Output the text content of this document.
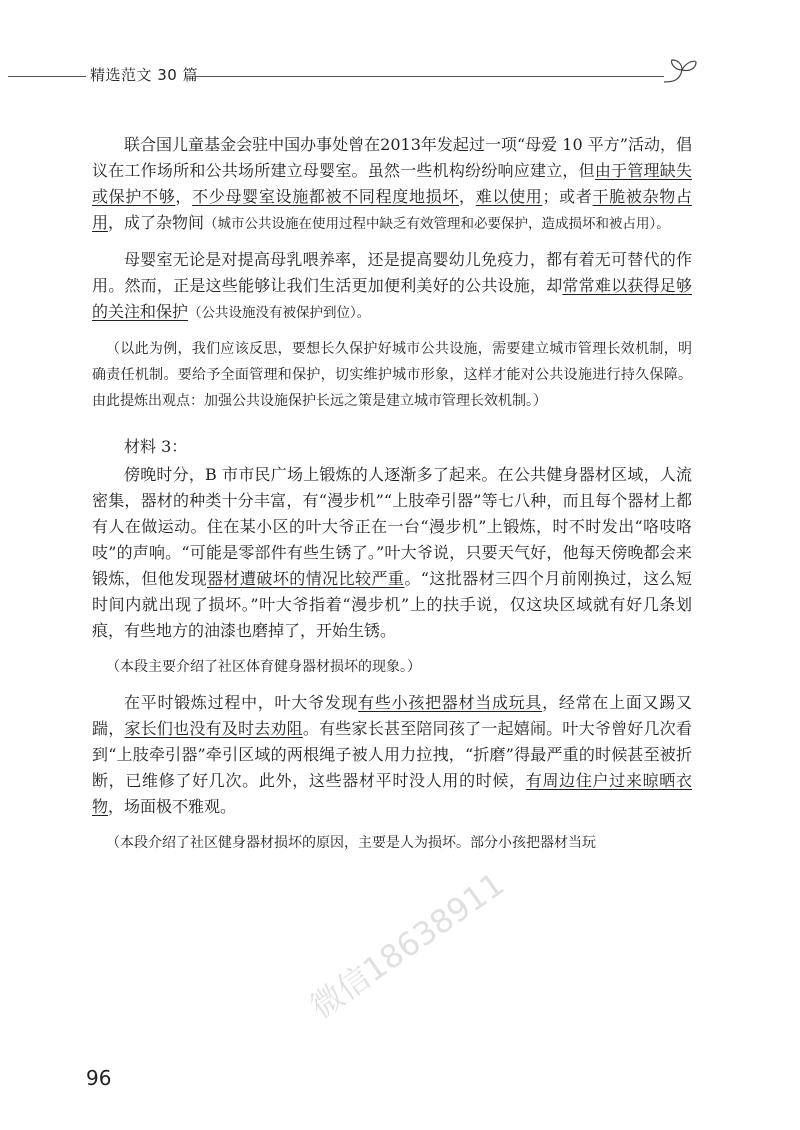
精选范文 30 篇

联合国儿童基金会驻中国办事处曾在2013年发起过一项“母爱 10 平方”活动，倡议在工作场所和公共场所建立母婴室。虽然一些机构纷纷响应建立，但由于管理缺失或保护不够，不少母婴室设施都被不同程度地损坏，难以使用；或者干脆被杂物占用，成了杂物间（城市公共设施在使用过程中缺乏有效管理和必要保护，造成损坏和被占用）。

母婴室无论是对提高母乳喂养率，还是提高婴幼儿免疫力，都有着无可替代的作用。然而，正是这些能够让我们生活更加便利美好的公共设施，却常常难以获得足够的关注和保护（公共设施没有被保护到位）。

（以此为例，我们应该反思，要想长久保护好城市公共设施，需要建立城市管理长效机制，明确责任机制。要给予全面管理和保护，切实维护城市形象，这样才能对公共设施进行持久保障。由此提炼出观点：加强公共设施保护长远之策是建立城市管理长效机制。）

材料 3：

傍晚时分，B 市市民广场上锻炼的人逐渐多了起来。在公共健身器材区域，人流密集，器材的种类十分丰富，有“漫步机”“上肢牵引器”等七八种，而且每个器材上都有人在做运动。住在某小区的叶大爷正在一台“漫步机”上锻炼，时不时发出“咯吱咯吱”的声响。“可能是零部件有些生锈了。”叶大爷说，只要天气好，他每天傍晚都会来锻炼，但他发现器材遭破坏的情况比较严重。“这批器材三四个月前刚换过，这么短时间内就出现了损坏。”叶大爷指着“漫步机”上的扶手说，仅这块区域就有好几条划痕，有些地方的油漆也磨掉了，开始生锈。

（本段主要介绍了社区体育健身器材损坏的现象。）

在平时锻炼过程中，叶大爷发现有些小孩把器材当成玩具，经常在上面又踢又踹，家长们也没有及时去劝阻。有些家长甚至陪同孩了一起嬉闹。叶大爷曾好几次看到“上肢牵引器”牵引区域的两根绳子被人用力拉拽，“折磨”得最严重的时候甚至被折断，已维修了好几次。此外，这些器材平时没人用的时候，有周边住户过来晾晒衣物，场面极不雅观。

（本段介绍了社区健身器材损坏的原因，主要是人为损坏。部分小孩把器材当玩

96
微信18638911
